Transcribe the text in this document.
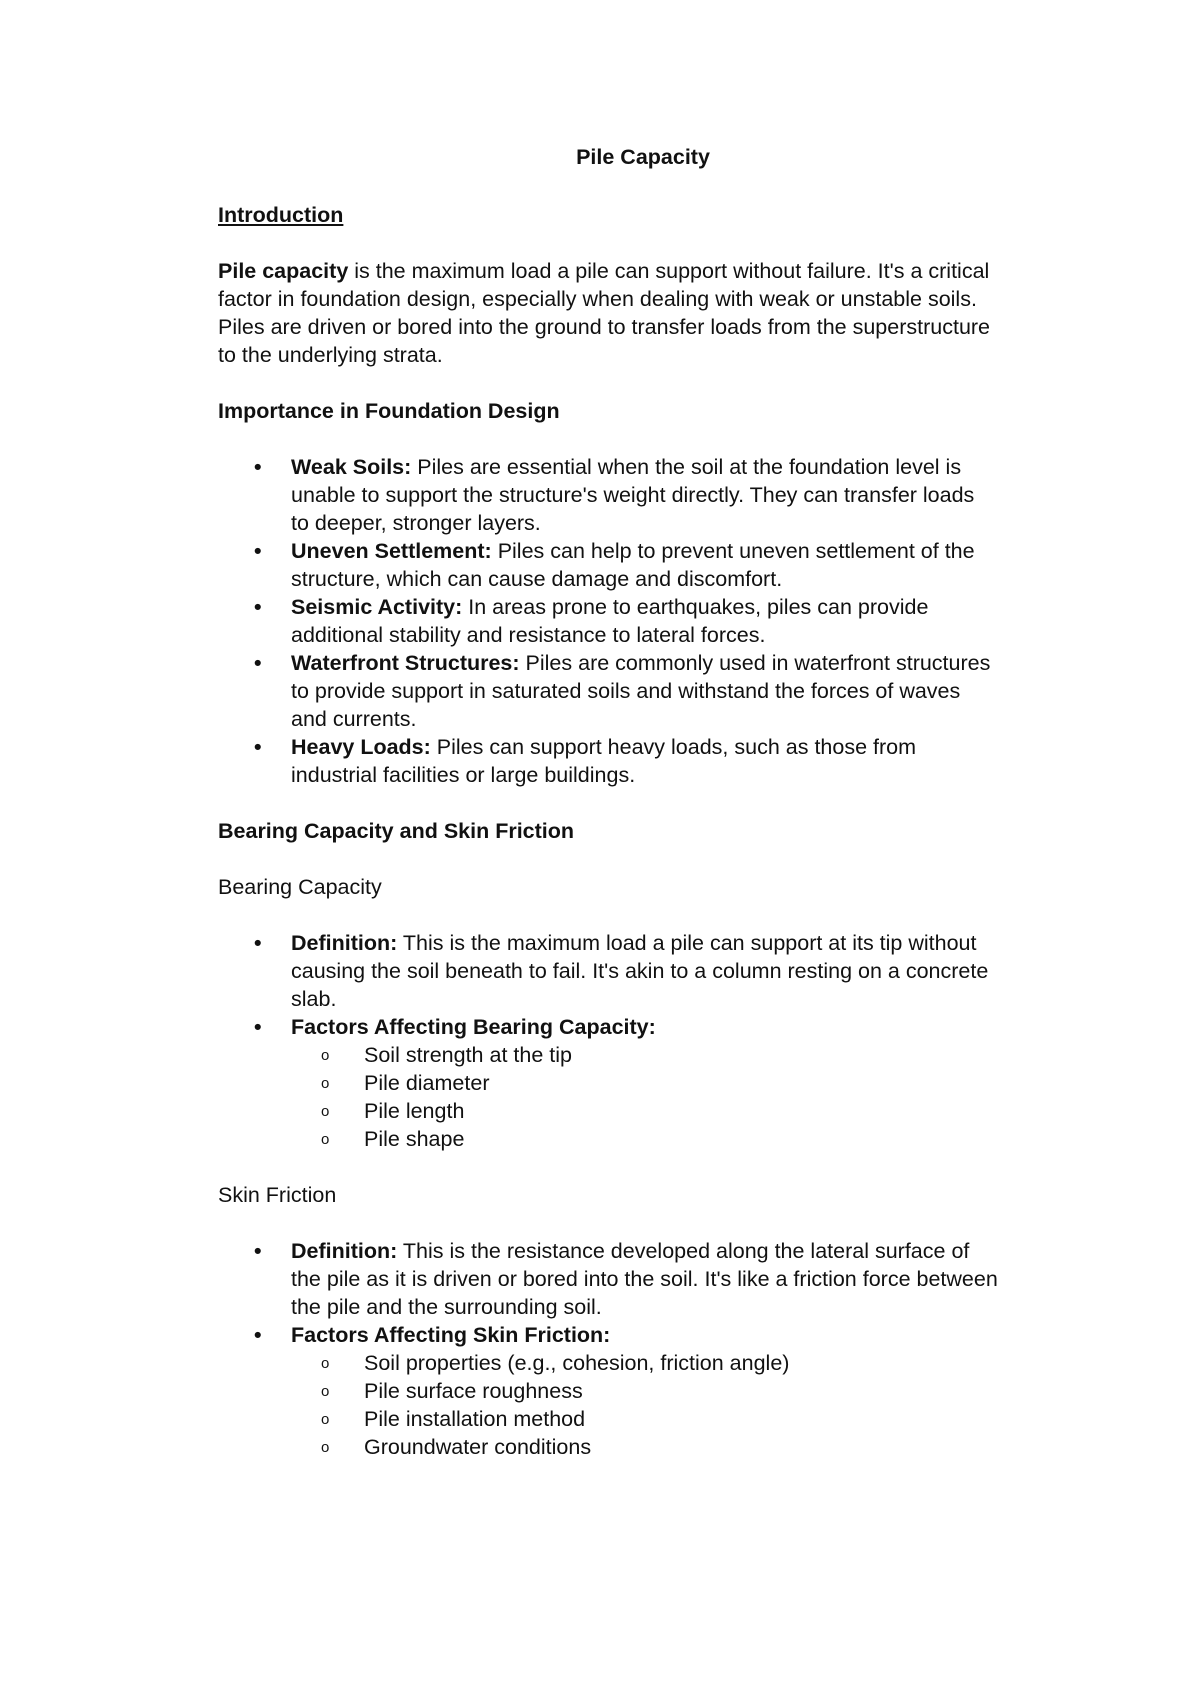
Pile Capacity
Introduction

Pile capacity is the maximum load a pile can support without failure. It's a critical factor in foundation design, especially when dealing with weak or unstable soils. Piles are driven or bored into the ground to transfer loads from the superstructure to the underlying strata.

Importance in Foundation Design
• Weak Soils: Piles are essential when the soil at the foundation level is unable to support the structure's weight directly. They can transfer loads to deeper, stronger layers.
• Uneven Settlement: Piles can help to prevent uneven settlement of the structure, which can cause damage and discomfort.
• Seismic Activity: In areas prone to earthquakes, piles can provide additional stability and resistance to lateral forces.
• Waterfront Structures: Piles are commonly used in waterfront structures to provide support in saturated soils and withstand the forces of waves and currents.
• Heavy Loads: Piles can support heavy loads, such as those from industrial facilities or large buildings.
Bearing Capacity and Skin Friction
Bearing Capacity
• Definition: This is the maximum load a pile can support at its tip without causing the soil beneath to fail. It's akin to a column resting on a concrete slab.
• Factors Affecting Bearing Capacity:
o Soil strength at the tip
o Pile diameter
o Pile length
o Pile shape
Skin Friction
• Definition: This is the resistance developed along the lateral surface of the pile as it is driven or bored into the soil. It's like a friction force between the pile and the surrounding soil.
• Factors Affecting Skin Friction:
o Soil properties (e.g., cohesion, friction angle)
o Pile surface roughness
o Pile installation method
o Groundwater conditions
